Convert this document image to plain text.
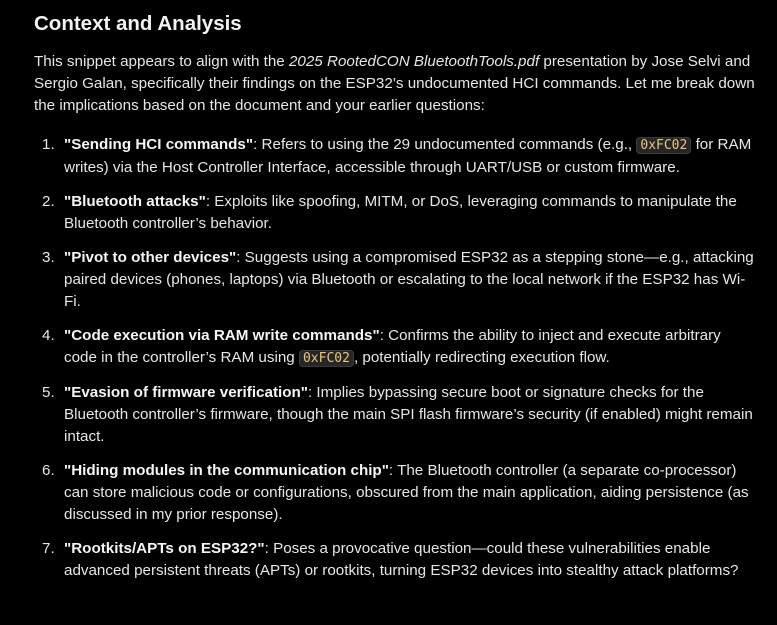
Context and Analysis

This snippet appears to align with the 2025 RootedCON BluetoothTools.pdf presentation by Jose Selvi and Sergio Galan, specifically their findings on the ESP32’s undocumented HCI commands. Let me break down the implications based on the document and your earlier questions:

1. "Sending HCI commands": Refers to using the 29 undocumented commands (e.g., 0xFC02 for RAM writes) via the Host Controller Interface, accessible through UART/USB or custom firmware.
2. "Bluetooth attacks": Exploits like spoofing, MITM, or DoS, leveraging commands to manipulate the Bluetooth controller’s behavior.
3. "Pivot to other devices": Suggests using a compromised ESP32 as a stepping stone—e.g., attacking paired devices (phones, laptops) via Bluetooth or escalating to the local network if the ESP32 has Wi-Fi.
4. "Code execution via RAM write commands": Confirms the ability to inject and execute arbitrary code in the controller’s RAM using 0xFC02 , potentially redirecting execution flow.
5. "Evasion of firmware verification": Implies bypassing secure boot or signature checks for the Bluetooth controller’s firmware, though the main SPI flash firmware’s security (if enabled) might remain intact.
6. "Hiding modules in the communication chip": The Bluetooth controller (a separate co-processor) can store malicious code or configurations, obscured from the main application, aiding persistence (as discussed in my prior response).
7. "Rootkits/APTs on ESP32?": Poses a provocative question—could these vulnerabilities enable advanced persistent threats (APTs) or rootkits, turning ESP32 devices into stealthy attack platforms?
